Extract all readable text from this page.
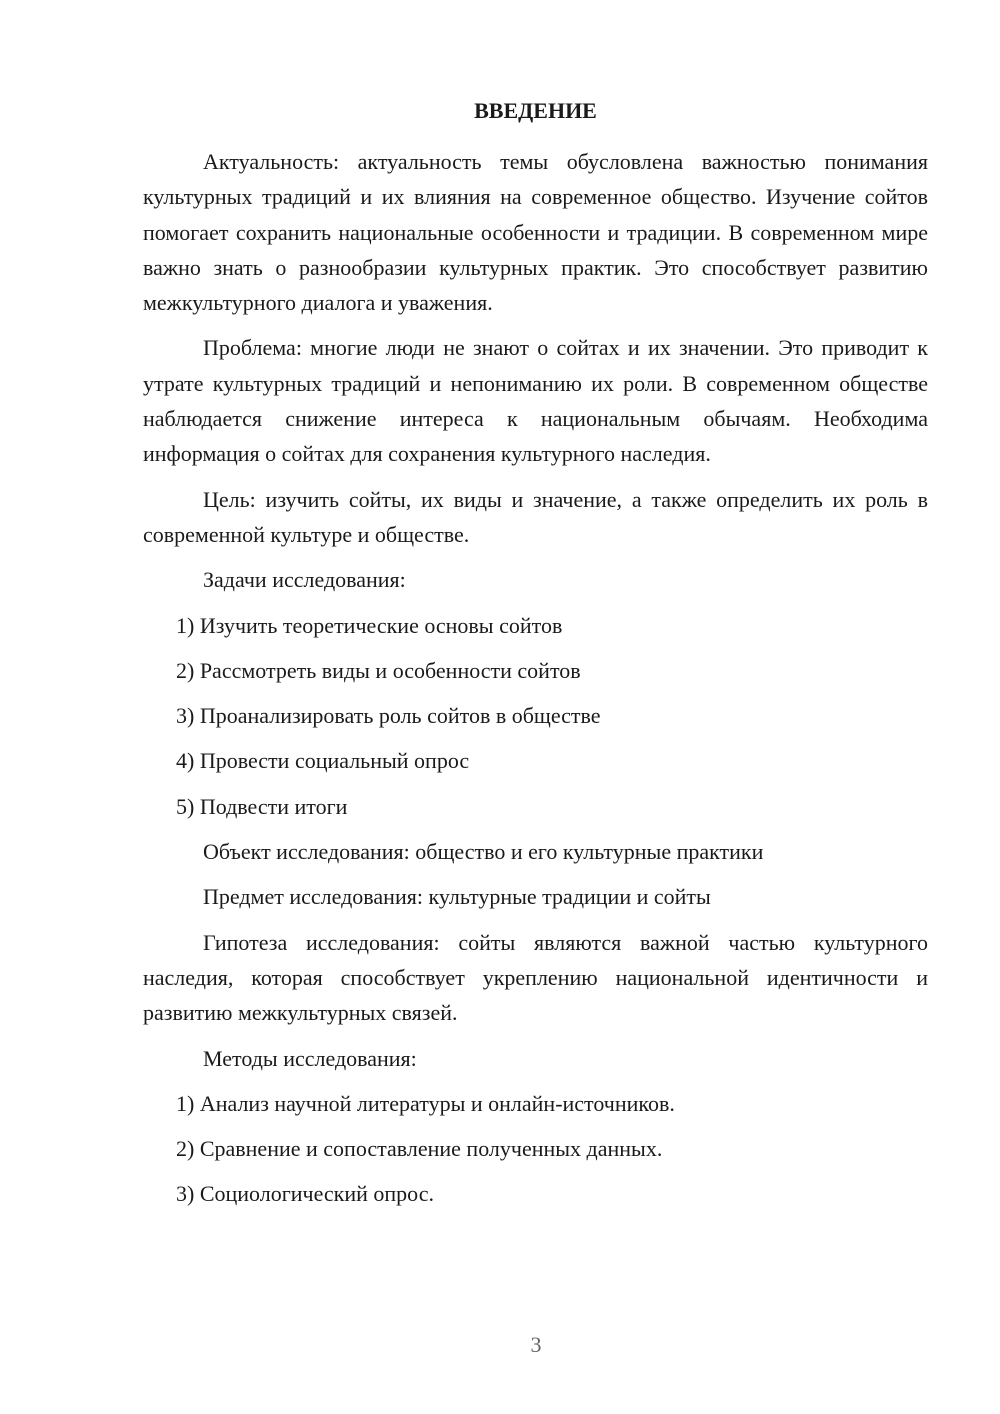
ВВЕДЕНИЕ

Актуальность: актуальность темы обусловлена важностью понимания культурных традиций и их влияния на современное общество. Изучение сойтов помогает сохранить национальные особенности и традиции. В современном мире важно знать о разнообразии культурных практик. Это способствует развитию межкультурного диалога и уважения.

Проблема: многие люди не знают о сойтах и их значении. Это приводит к утрате культурных традиций и непониманию их роли. В современном обществе наблюдается снижение интереса к национальным обычаям. Необходима информация о сойтах для сохранения культурного наследия.

Цель: изучить сойты, их виды и значение, а также определить их роль в современной культуре и обществе.

Задачи исследования:

1) Изучить теоретические основы сойтов

2) Рассмотреть виды и особенности сойтов

3) Проанализировать роль сойтов в обществе

4) Провести социальный опрос

5) Подвести итоги

Объект исследования: общество и его культурные практики

Предмет исследования: культурные традиции и сойты

Гипотеза исследования: сойты являются важной частью культурного наследия, которая способствует укреплению национальной идентичности и развитию межкультурных связей.

Методы исследования:

1) Анализ научной литературы и онлайн-источников.

2) Сравнение и сопоставление полученных данных.

3) Социологический опрос.

3
